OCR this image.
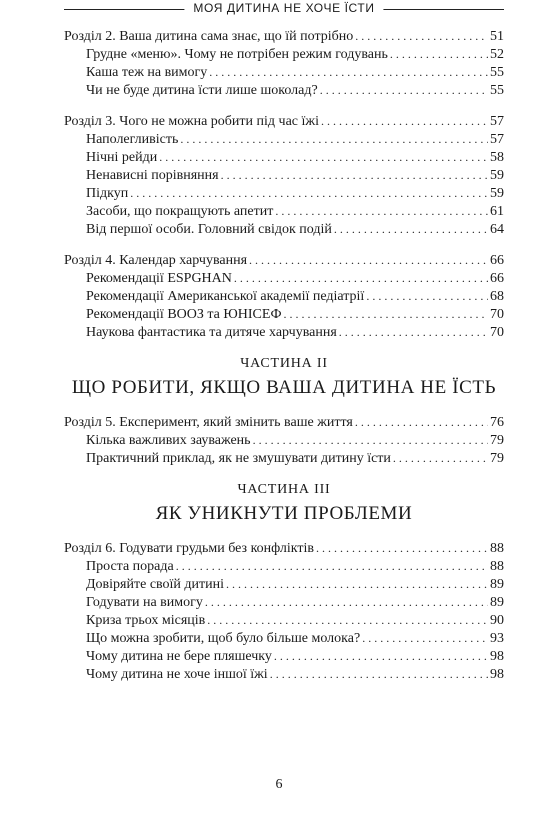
МОЯ ДИТИНА НЕ ХОЧЕ ЇСТИ
Розділ 2. Ваша дитина сама знає, що їй потрібно . . .	51
Грудне «меню». Чому не потрібен режим годувань . . .	52
Каша теж на вимогу . . .	55
Чи не буде дитина їсти лише шоколад? . . .	55
Розділ 3. Чого не можна робити під час їжі . . .	57
Наполегливість . . .	57
Нічні рейди . . .	58
Ненависні порівняння . . .	59
Підкуп . . .	59
Засоби, що покращують апетит . . .	61
Від першої особи. Головний свідок подій . . .	64
Розділ 4. Календар харчування . . .	66
Рекомендації ESPGHAN . . .	66
Рекомендації Американської академії педіатрії . . .	68
Рекомендації ВООЗ та ЮНІСЕФ . . .	70
Наукова фантастика та дитяче харчування . . .	70
ЧАСТИНА II
ЩО РОБИТИ, ЯКЩО ВАША ДИТИНА НЕ ЇСТЬ
Розділ 5. Експеримент, який змінить ваше життя . . .	76
Кілька важливих зауважень . . .	79
Практичний приклад, як не змушувати дитину їсти . . .	79
ЧАСТИНА III
ЯК УНИКНУТИ ПРОБЛЕМИ
Розділ 6. Годувати грудьми без конфліктів . . .	88
Проста порада . . .	88
Довіряйте своїй дитині . . .	89
Годувати на вимогу . . .	89
Криза трьох місяців . . .	90
Що можна зробити, щоб було більше молока? . . .	93
Чому дитина не бере пляшечку . . .	98
Чому дитина не хоче іншої їжі . . .	98
6
